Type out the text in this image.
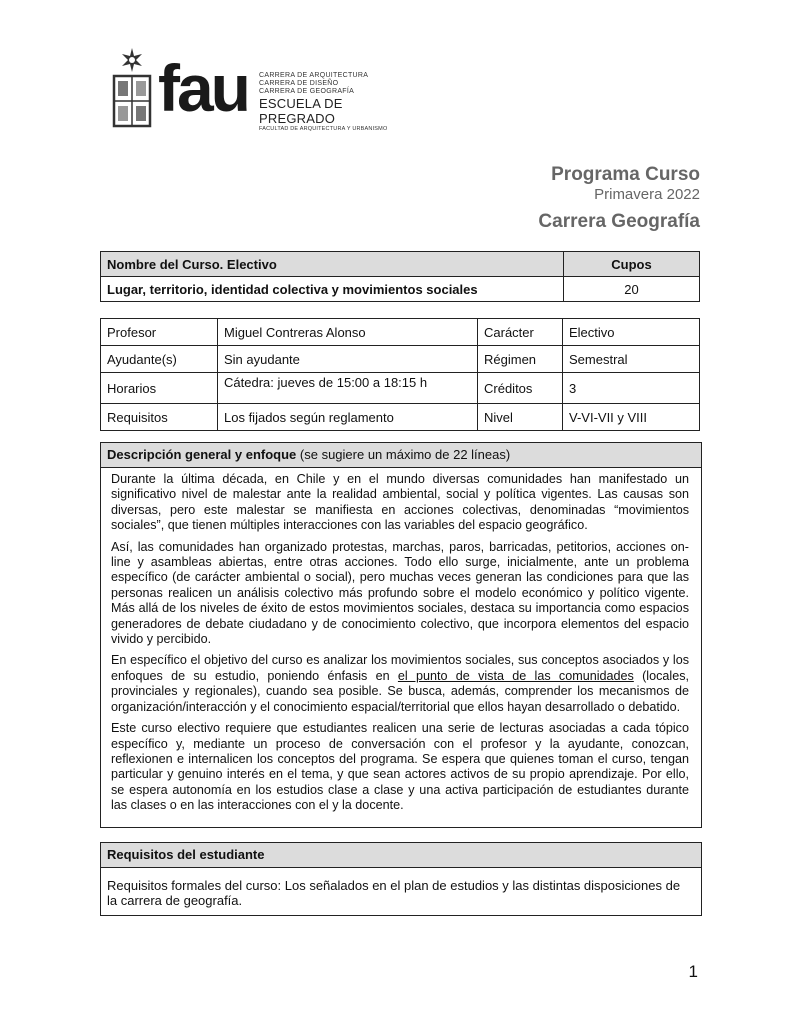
fau CARRERA DE ARQUITECTURA
CARRERA DE DISEÑO
CARRERA DE GEOGRAFÍA
ESCUELA DE PREGRADO
FACULTAD DE ARQUITECTURA Y URBANISMO
Programa Curso
Primavera 2022
Carrera Geografía
Nombre del Curso. Electivo	Cupos
Lugar, territorio, identidad colectiva y movimientos sociales	20
Profesor	Miguel Contreras Alonso	Carácter	Electivo
Ayudante(s)	Sin ayudante	Régimen	Semestral
Horarios	Cátedra: jueves de 15:00 a 18:15 h	Créditos	3
Requisitos	Los fijados según reglamento	Nivel	V-VI-VII y VIII
Descripción general y enfoque (se sugiere un máximo de 22 líneas)

Durante la última década, en Chile y en el mundo diversas comunidades han manifestado un significativo nivel de malestar ante la realidad ambiental, social y política vigentes. Las causas son diversas, pero este malestar se manifiesta en acciones colectivas, denominadas “movimientos sociales”, que tienen múltiples interacciones con las variables del espacio geográfico.

Así, las comunidades han organizado protestas, marchas, paros, barricadas, petitorios, acciones on-line y asambleas abiertas, entre otras acciones. Todo ello surge, inicialmente, ante un problema específico (de carácter ambiental o social), pero muchas veces generan las condiciones para que las personas realicen un análisis colectivo más profundo sobre el modelo económico y político vigente. Más allá de los niveles de éxito de estos movimientos sociales, destaca su importancia como espacios generadores de debate ciudadano y de conocimiento colectivo, que incorpora elementos del espacio vivido y percibido.

En específico el objetivo del curso es analizar los movimientos sociales, sus conceptos asociados y los enfoques de su estudio, poniendo énfasis en el punto de vista de las comunidades (locales, provinciales y regionales), cuando sea posible. Se busca, además, comprender los mecanismos de organización/interacción y el conocimiento espacial/territorial que ellos hayan desarrollado o debatido.

Este curso electivo requiere que estudiantes realicen una serie de lecturas asociadas a cada tópico específico y, mediante un proceso de conversación con el profesor y la ayudante, conozcan, reflexionen e internalicen los conceptos del programa. Se espera que quienes toman el curso, tengan particular y genuino interés en el tema, y que sean actores activos de su propio aprendizaje. Por ello, se espera autonomía en los estudios clase a clase y una activa participación de estudiantes durante las clases o en las interacciones con el y la docente.

Requisitos del estudiante

Requisitos formales del curso: Los señalados en el plan de estudios y las distintas disposiciones de la carrera de geografía.

1
